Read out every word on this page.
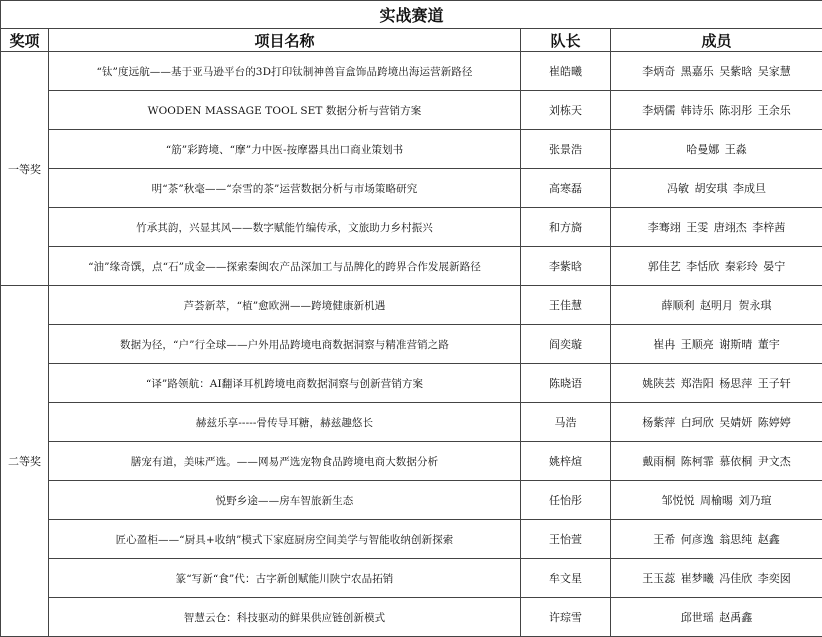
实战赛道			
奖项	项目名称	队长	成员
一等奖	“钛”度远航——基于亚马逊平台的3D打印钛制神兽盲盒饰品跨境出海运营新路径	崔皓曦	李炳奇 黑嘉乐 吴紫晗 吴家慧
	WOODEN MASSAGE TOOL SET 数据分析与营销方案	刘栋天	李炳儒 韩诗乐 陈羽彤 王余乐
	“筋”彩跨境、“摩”力中医-按摩器具出口商业策划书	张景浩	哈曼娜 王淼
	明“茶”秋毫——“奈雪的茶”运营数据分析与市场策略研究	高寒磊	冯敏 胡安琪 李成旦
	竹承其韵，兴显其风——数字赋能竹编传承，文旅助力乡村振兴	和方旖	李骞翊 王雯 唐翊杰 李梓茜
	“油”缘奇馔，点“石”成金——探索秦闽农产品深加工与品牌化的跨界合作发展新路径	李紫晗	郭佳艺 李恬欣 秦彩玲 晏宁
二等奖	芦荟新萃，“植”愈欧洲——跨境健康新机遇	王佳慧	薛顺利 赵明月 贺永琪
	数据为径，“户”行全球——户外用品跨境电商数据洞察与精准营销之路	阎奕璇	崔冉 王顺亮 谢斯晴 董宇
	“译”路领航：AI翻译耳机跨境电商数据洞察与创新营销方案	陈晓语	姚陕芸 郑浩阳 杨思萍 王子轩
	赫兹乐享-----骨传导耳糖，赫兹趣悠长	马浩	杨紫萍 白珂欣 吴婧妍 陈婷婷
	膳宠有道，美味严选。——网易严选宠物食品跨境电商大数据分析	姚梓煊	戴雨桐 陈柯霏 慕依桐 尹文杰
	悦野乡途——房车智旅新生态	任怡彤	邹悦悦 周榆晹 刘乃瑄
	匠心盈柜——“厨具+收纳”模式下家庭厨房空间美学与智能收纳创新探索	王怡萱	王希 何彦逸 翁思纯 赵鑫
	篆“写新“食”代：古字新创赋能川陕宁农品拓销	牟文星	王玉蕊 崔梦曦 冯佳欣 李奕囡
	智慧云仓：科技驱动的鲜果供应链创新模式	许琮雪	邱世瑶 赵禹鑫
